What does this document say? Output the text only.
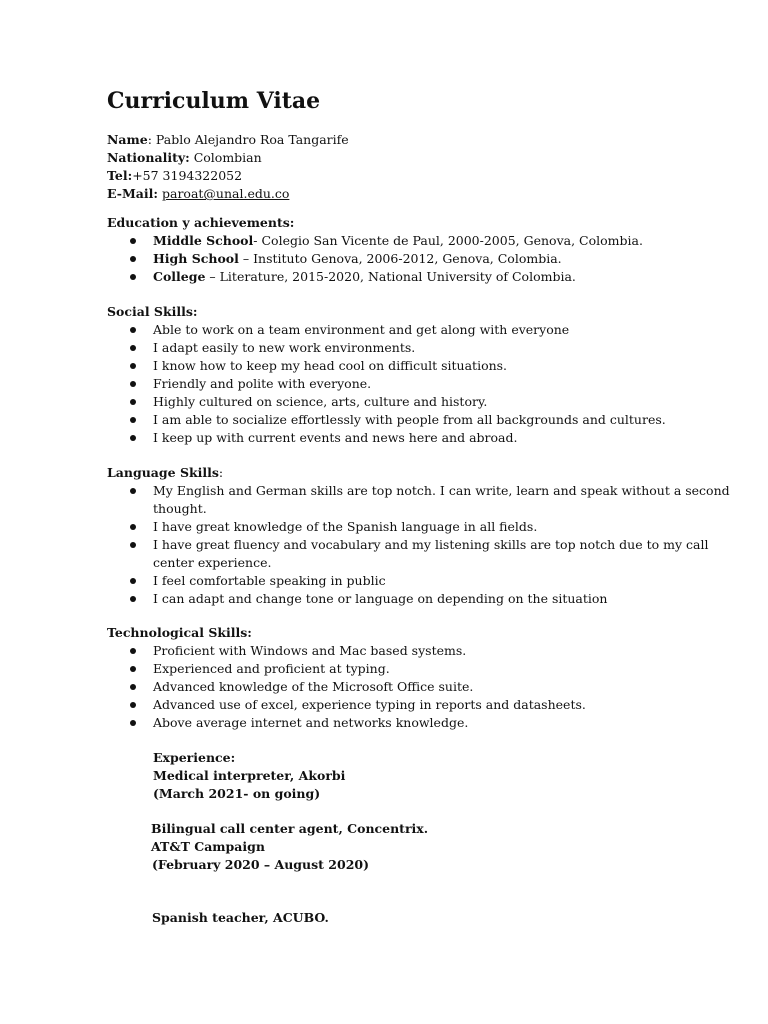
Curriculum Vitae
Name: Pablo Alejandro Roa Tangarife
Nationality: Colombian
Tel:+57 3194322052
E-Mail: paroat@unal.edu.co
Education y achievements:
Middle School- Colegio San Vicente de Paul, 2000-2005, Genova, Colombia.
High School – Instituto Genova, 2006-2012, Genova, Colombia.
College – Literature, 2015-2020, National University of Colombia.
Social Skills:
Able to work on a team environment and get along with everyone
I adapt easily to new work environments.
I know how to keep my head cool on difficult situations.
Friendly and polite with everyone.
Highly cultured on science, arts, culture and history.
I am able to socialize effortlessly with people from all backgrounds and cultures.
I keep up with current events and news here and abroad.
Language Skills:
My English and German skills are top notch. I can write, learn and speak without a second
thought.
I have great knowledge of the Spanish language in all fields.
I have great fluency and vocabulary and my listening skills are top notch due to my call
center experience.
I feel comfortable speaking in public
I can adapt and change tone or language on depending on the situation
Technological Skills:
Proficient with Windows and Mac based systems.
Experienced and proficient at typing.
Advanced knowledge of the Microsoft Office suite.
Advanced use of excel, experience typing in reports and datasheets.
Above average internet and networks knowledge.
Experience:
Medical interpreter, Akorbi
(March 2021- on going)
Bilingual call center agent, Concentrix.
AT&T Campaign
(February 2020 – August 2020)
Spanish teacher, ACUBO.
